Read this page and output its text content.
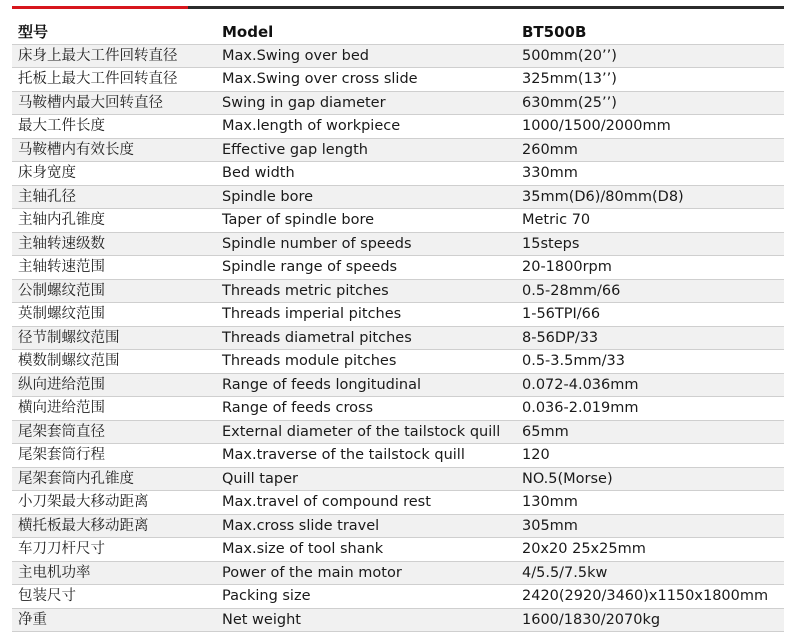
型号	Model	BT500B
床身上最大工件回转直径	Max.Swing over bed	500mm(20’’)
托板上最大工件回转直径	Max.Swing over cross slide	325mm(13’’)
马鞍槽内最大回转直径	Swing in gap diameter	630mm(25’’)
最大工件长度	Max.length of workpiece	1000/1500/2000mm
马鞍槽内有效长度	Effective gap length	260mm
床身宽度	Bed width	330mm
主轴孔径	Spindle bore	35mm(D6)/80mm(D8)
主轴内孔锥度	Taper of spindle bore	Metric 70
主轴转速级数	Spindle number of speeds	15steps
主轴转速范围	Spindle range of speeds	20-1800rpm
公制螺纹范围	Threads metric pitches	0.5-28mm/66
英制螺纹范围	Threads imperial pitches	1-56TPI/66
径节制螺纹范围	Threads diametral pitches	8-56DP/33
模数制螺纹范围	Threads module pitches	0.5-3.5mm/33
纵向进给范围	Range of feeds longitudinal	0.072-4.036mm
横向进给范围	Range of feeds cross	0.036-2.019mm
尾架套筒直径	External diameter of the tailstock quill	65mm
尾架套筒行程	Max.traverse of the tailstock quill	120
尾架套筒内孔锥度	Quill taper	NO.5(Morse)
小刀架最大移动距离	Max.travel of compound rest	130mm
横托板最大移动距离	Max.cross slide travel	305mm
车刀刀杆尺寸	Max.size of tool shank	20x20 25x25mm
主电机功率	Power of the main motor	4/5.5/7.5kw
包装尺寸	Packing size	2420(2920/3460)x1150x1800mm
净重	Net weight	1600/1830/2070kg
